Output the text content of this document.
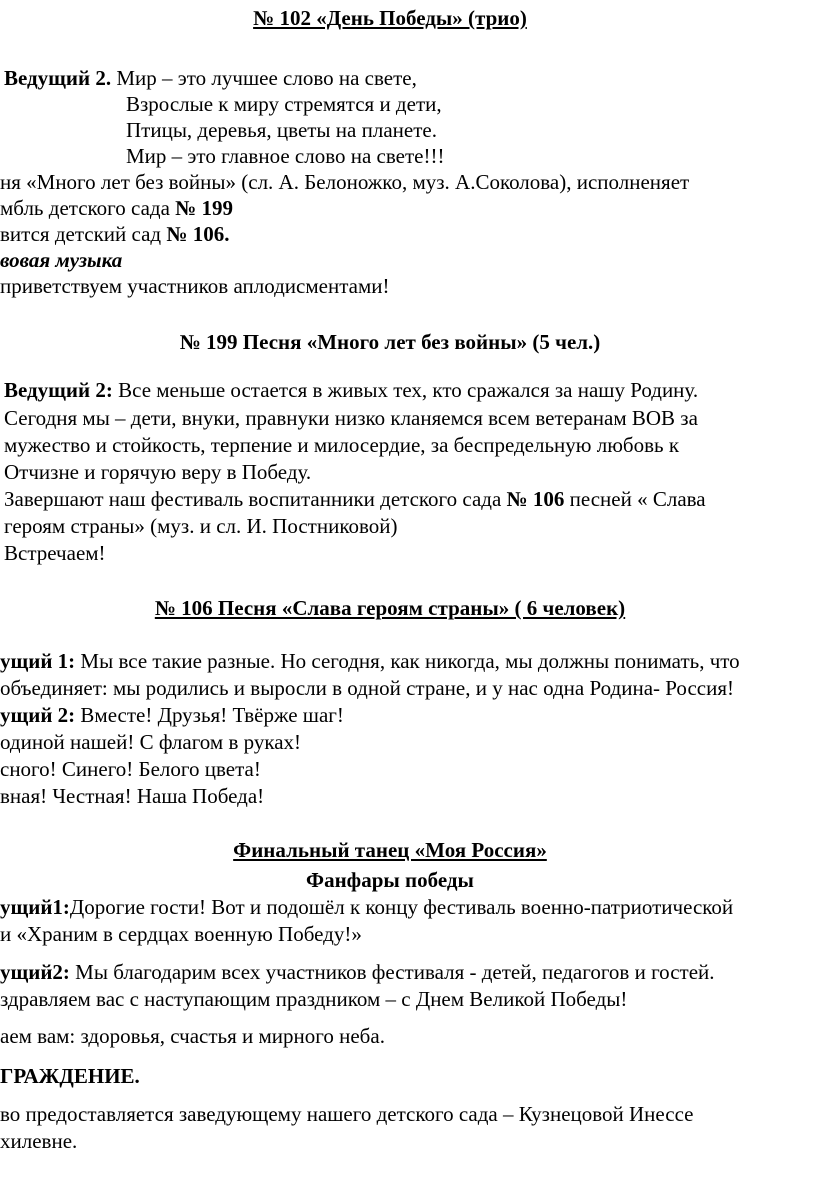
№ 102 «День Победы» (трио)
Ведущий 2. Мир – это лучшее слово на свете,
Взрослые к миру стремятся и дети,
Птицы, деревья, цветы на планете.
Мир – это главное слово на свете!!!
ня «Много лет без войны» (сл. А. Белоножко, муз. А.Соколова), исполненяет
мбль детского сада № 199
вится детский сад № 106.
вовая музыка
приветствуем участников аплодисментами!
№ 199 Песня «Много лет без войны» (5 чел.)
Ведущий 2: Все меньше остается в живых тех, кто сражался за нашу Родину.
Сегодня мы – дети, внуки, правнуки низко кланяемся всем ветеранам ВОВ за
мужество и стойкость, терпение и милосердие, за беспредельную любовь к
Отчизне и горячую веру в Победу.
Завершают наш фестиваль воспитанники детского сада № 106 песней « Слава
героям страны» (муз. и сл. И. Постниковой)
Встречаем!
№ 106 Песня «Слава героям страны» ( 6 человек)
ущий 1: Мы все такие разные. Но сегодня, как никогда, мы должны понимать, что
объединяет: мы родились и выросли в одной стране, и у нас одна Родина- Россия!
ущий 2: Вместе! Друзья! Твёрже шаг!
одиной нашей! С флагом в руках!
сного! Синего! Белого цвета!
вная! Честная! Наша Победа!
Финальный танец «Моя Россия»
Фанфары победы
ущий1:Дорогие гости! Вот и подошёл к концу фестиваль военно-патриотической
и «Храним в сердцах военную Победу!»
ущий2: Мы благодарим всех участников фестиваля - детей, педагогов и гостей.
здравляем вас с наступающим праздником – с Днем Великой Победы!
аем вам: здоровья, счастья и мирного неба.
ГРАЖДЕНИЕ.
во предоставляется заведующему нашего детского сада – Кузнецовой Инессе
хилевне.
